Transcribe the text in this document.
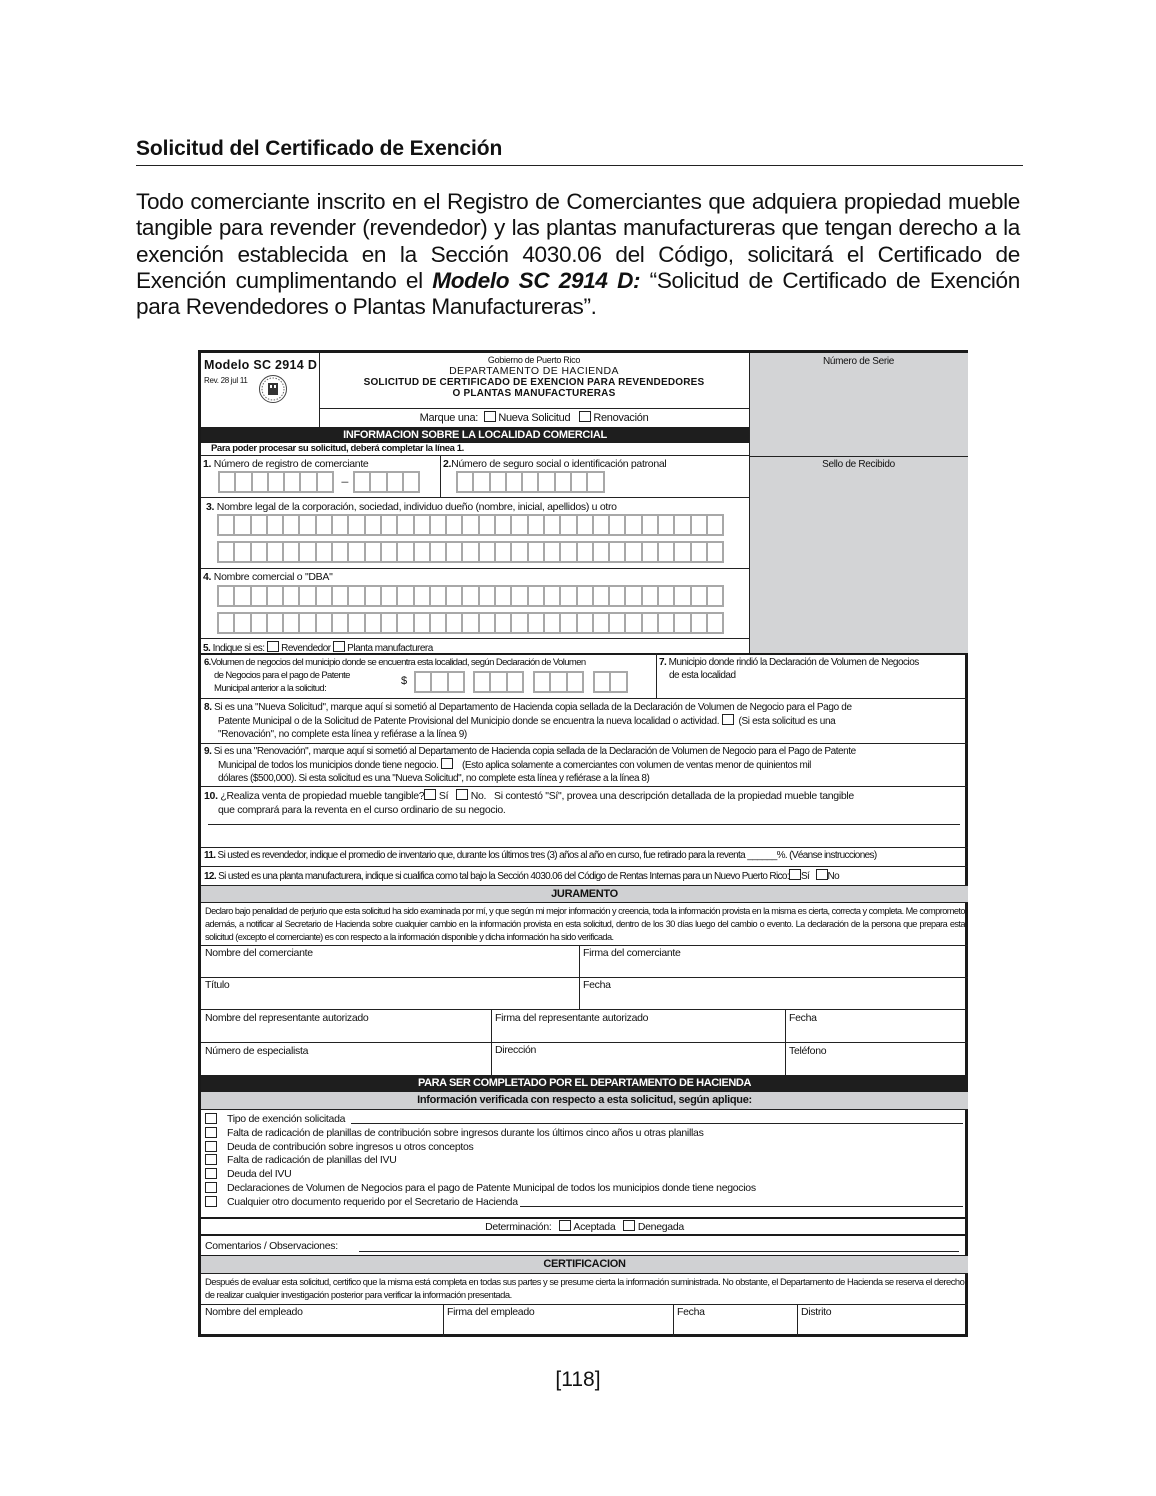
Solicitud del Certificado de Exención

Todo comerciante inscrito en el Registro de Comerciantes que adquiera propiedad mueble tangible para revender (revendedor) y las plantas manufactureras que tengan derecho a la exención establecida en la Sección 4030.06 del Código, solicitará el Certificado de Exención cumplimentando el Modelo SC 2914 D: “Solicitud de Certificado de Exención para Revendedores o Plantas Manufactureras”.

Modelo SC 2914 D
Rev. 28 jul 11
Gobierno de Puerto Rico
DEPARTAMENTO DE HACIENDA
SOLICITUD DE CERTIFICADO DE EXENCION PARA REVENDEDORES
O PLANTAS MANUFACTURERAS
Marque una: Nueva Solicitud Renovación
Número de Serie
Sello de Recibido
INFORMACION SOBRE LA LOCALIDAD COMERCIAL
Para poder procesar su solicitud, deberá completar la línea 1.
1. Número de registro de comerciante
–
2.Número de seguro social o identificación patronal
3. Nombre legal de la corporación, sociedad, individuo dueño (nombre, inicial, apellidos) u otro
4. Nombre comercial o "DBA"
5. Indique si es: Revendedor Planta manufacturera
6.Volumen de negocios del municipio donde se encuentra esta localidad, según Declaración de Volumen
de Negocios para el pago de Patente
Municipal anterior a la solicitud:
$
7. Municipio donde rindió la Declaración de Volumen de Negocios
de esta localidad
8. Si es una "Nueva Solicitud", marque aquí si sometió al Departamento de Hacienda copia sellada de la Declaración de Volumen de Negocio para el Pago de
Patente Municipal o de la Solicitud de Patente Provisional del Municipio donde se encuentra la nueva localidad o actividad. (Si esta solicitud es una
"Renovación", no complete esta línea y refiérase a la línea 9)
9. Si es una "Renovación", marque aquí si sometió al Departamento de Hacienda copia sellada de la Declaración de Volumen de Negocio para el Pago de Patente
Municipal de todos los municipios donde tiene negocio. (Esto aplica solamente a comerciantes con volumen de ventas menor de quinientos mil
dólares ($500,000). Si esta solicitud es una "Nueva Solicitud", no complete esta línea y refiérase a la línea 8)
10. ¿Realiza venta de propiedad mueble tangible? Sí No. Si contestó "Sí", provea una descripción detallada de la propiedad mueble tangible
que comprará para la reventa en el curso ordinario de su negocio.
11. Si usted es revendedor, indique el promedio de inventario que, durante los últimos tres (3) años al año en curso, fue retirado para la reventa ______%. (Véanse instrucciones)
12. Si usted es una planta manufacturera, indique si cualifica como tal bajo la Sección 4030.06 del Código de Rentas Internas para un Nuevo Puerto Rico: Sí No
JURAMENTO
Declaro bajo penalidad de perjurio que esta solicitud ha sido examinada por mí, y que según mi mejor información y creencia, toda la información provista en la misma es cierta, correcta y completa. Me comprometo además, a notificar al Secretario de Hacienda sobre cualquier cambio en la información provista en esta solicitud, dentro de los 30 días luego del cambio o evento. La declaración de la persona que prepara esta solicitud (excepto el comerciante) es con respecto a la información disponible y dicha información ha sido verificada.
Nombre del comerciante	Firma del comerciante
Título	Fecha
Nombre del representante autorizado	Firma del representante autorizado	Fecha
Número de especialista	Dirección	Teléfono
PARA SER COMPLETADO POR EL DEPARTAMENTO DE HACIENDA
Información verificada con respecto a esta solicitud, según aplique:
Tipo de exención solicitada
Falta de radicación de planillas de contribución sobre ingresos durante los últimos cinco años u otras planillas
Deuda de contribución sobre ingresos u otros conceptos
Falta de radicación de planillas del IVU
Deuda del IVU
Declaraciones de Volumen de Negocios para el pago de Patente Municipal de todos los municipios donde tiene negocios
Cualquier otro documento requerido por el Secretario de Hacienda
Determinación: Aceptada Denegada
Comentarios / Observaciones:
CERTIFICACION
Después de evaluar esta solicitud, certifico que la misma está completa en todas sus partes y se presume cierta la información suministrada. No obstante, el Departamento de Hacienda se reserva el derecho de realizar cualquier investigación posterior para verificar la información presentada.
Nombre del empleado	Firma del empleado	Fecha	Distrito
[118]
